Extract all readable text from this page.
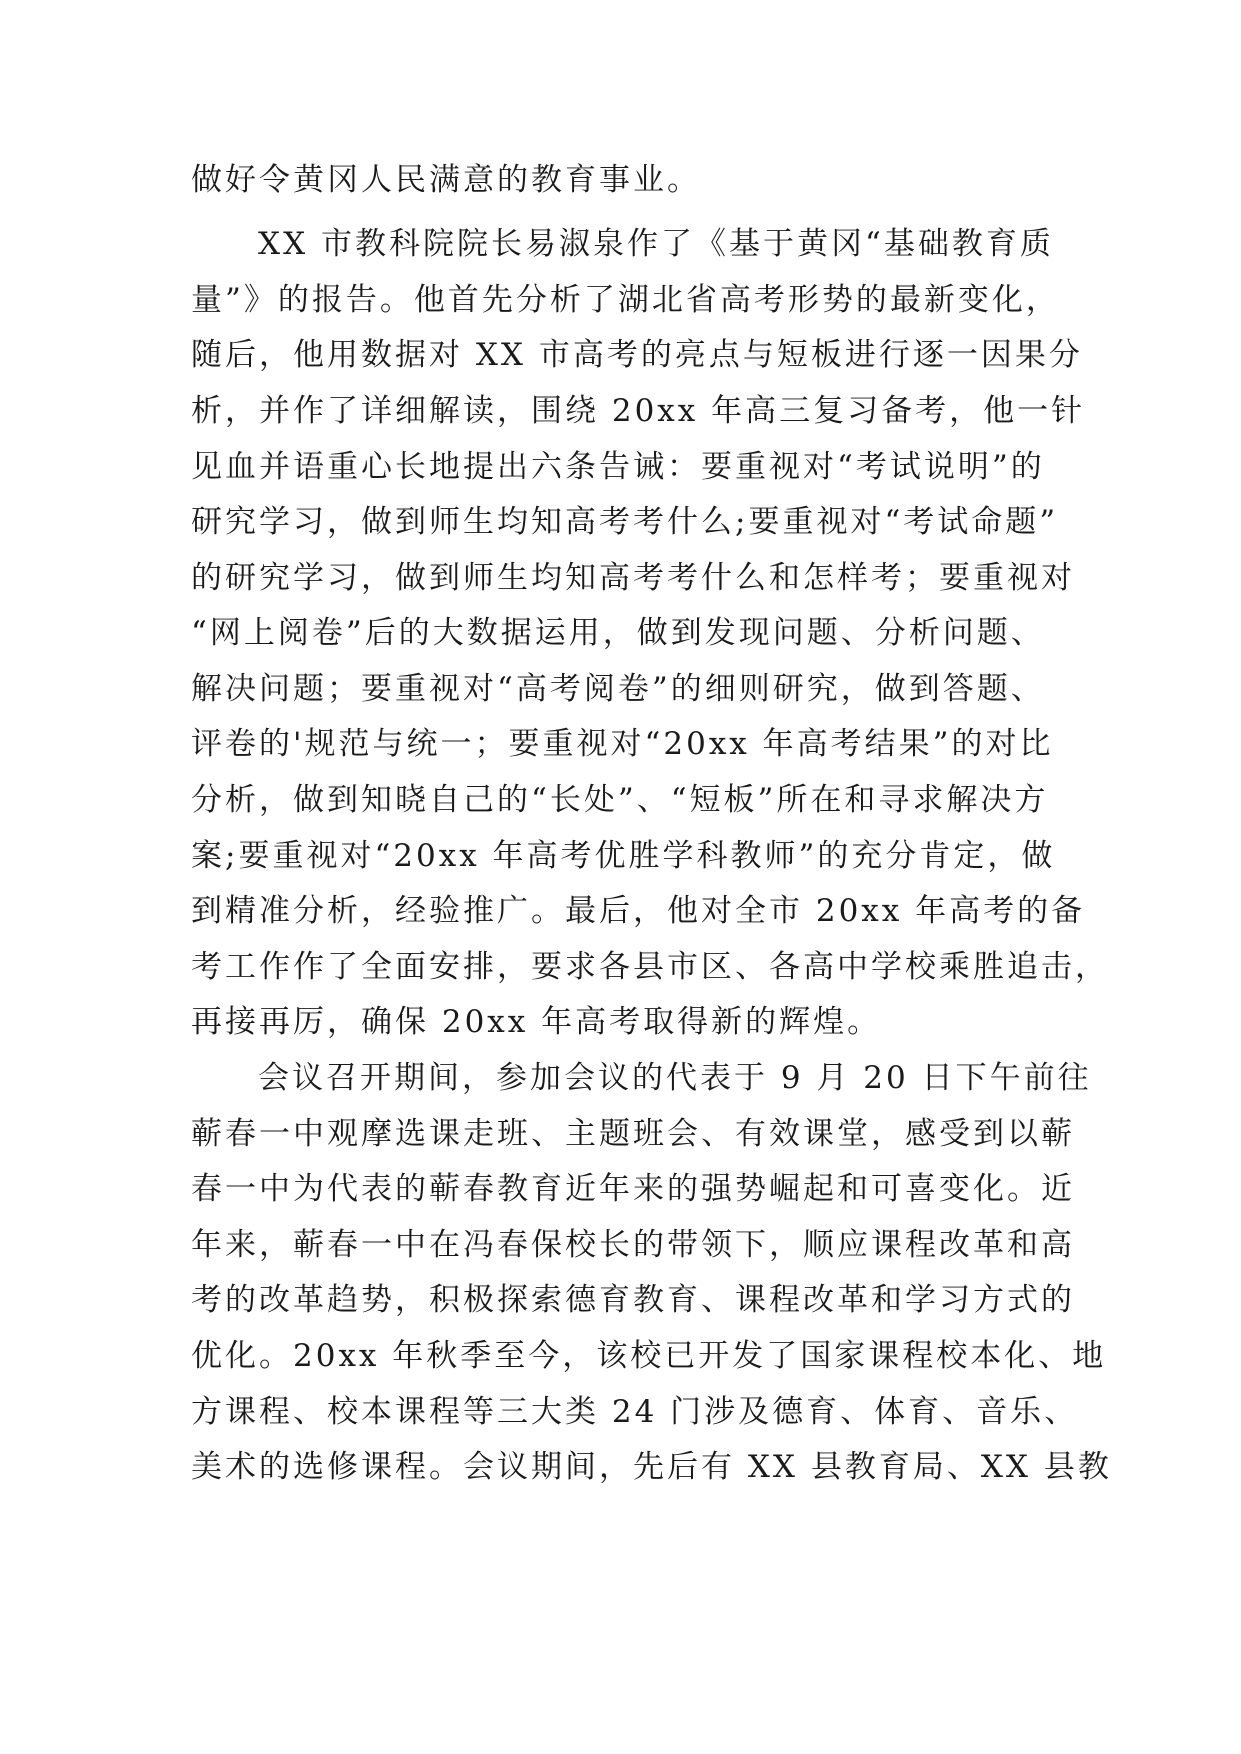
做好令黄冈人民满意的教育事业。
XX 市教科院院长易淑泉作了《基于黄冈“基础教育质
量”》的报告。他首先分析了湖北省高考形势的最新变化，
随后，他用数据对 XX 市高考的亮点与短板进行逐一因果分
析，并作了详细解读，围绕 20xx 年高三复习备考，他一针
见血并语重心长地提出六条告诫：要重视对“考试说明”的
研究学习，做到师生均知高考考什么;要重视对“考试命题”
的研究学习，做到师生均知高考考什么和怎样考；要重视对
“网上阅卷”后的大数据运用，做到发现问题、分析问题、
解决问题；要重视对“高考阅卷”的细则研究，做到答题、
评卷的'规范与统一；要重视对“20xx 年高考结果”的对比
分析，做到知晓自己的“长处”、“短板”所在和寻求解决方
案;要重视对“20xx 年高考优胜学科教师”的充分肯定，做
到精准分析，经验推广。最后，他对全市 20xx 年高考的备
考工作作了全面安排，要求各县市区、各高中学校乘胜追击，
再接再厉，确保 20xx 年高考取得新的辉煌。
会议召开期间，参加会议的代表于 9 月 20 日下午前往
蕲春一中观摩选课走班、主题班会、有效课堂，感受到以蕲
春一中为代表的蕲春教育近年来的强势崛起和可喜变化。近
年来，蕲春一中在冯春保校长的带领下，顺应课程改革和高
考的改革趋势，积极探索德育教育、课程改革和学习方式的
优化。20xx 年秋季至今，该校已开发了国家课程校本化、地
方课程、校本课程等三大类 24 门涉及德育、体育、音乐、
美术的选修课程。会议期间，先后有 XX 县教育局、XX 县教
